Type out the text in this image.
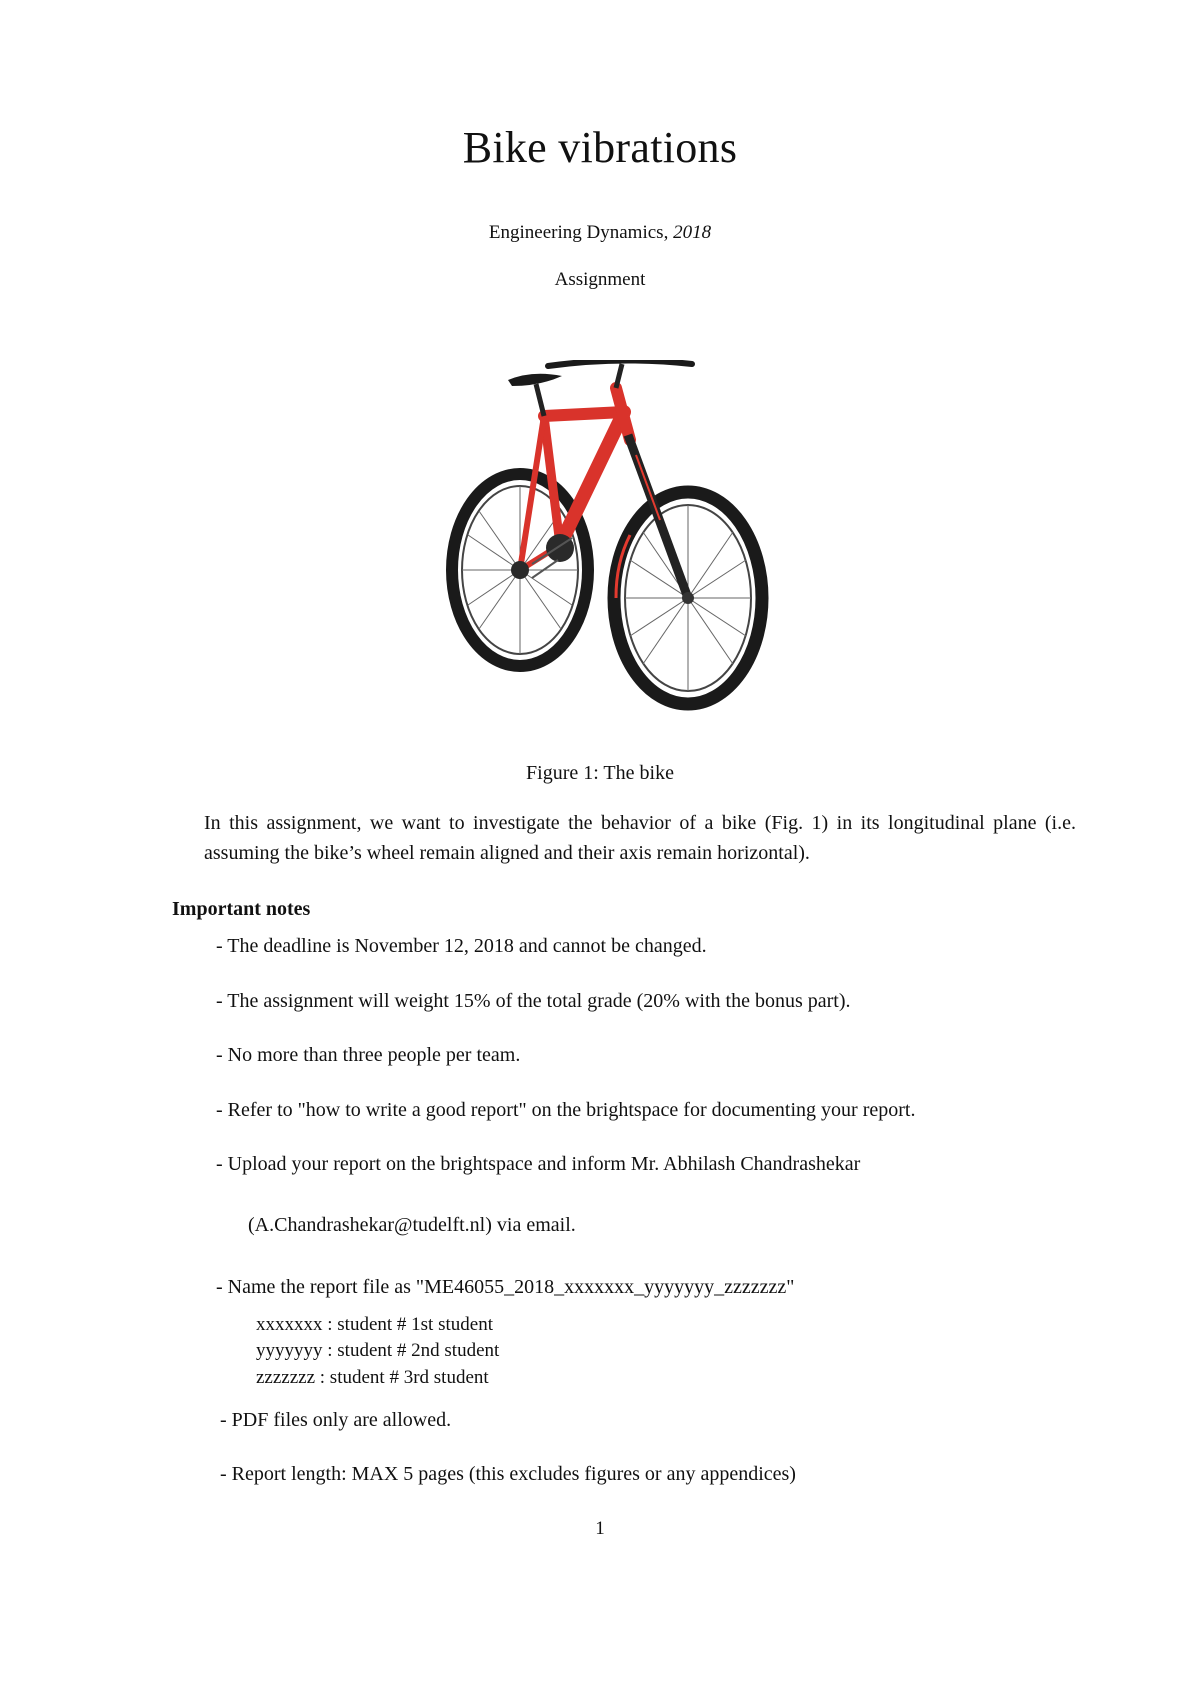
Bike vibrations
Engineering Dynamics, 2018
Assignment
Figure 1: The bike
In this assignment, we want to investigate the behavior of a bike (Fig. 1) in its longitudinal plane (i.e. assuming the bike’s wheel remain aligned and their axis remain horizontal).
Important notes
- The deadline is November 12, 2018 and cannot be changed.
- The assignment will weight 15% of the total grade (20% with the bonus part).
- No more than three people per team.
- Refer to "how to write a good report" on the brightspace for documenting your report.
- Upload your report on the brightspace and inform Mr. Abhilash Chandrashekar
(A.Chandrashekar@tudelft.nl) via email.
- Name the report file as "ME46055_2018_xxxxxxx_yyyyyyy_zzzzzzz"
xxxxxxx : student # 1st student
yyyyyyy : student # 2nd student
zzzzzzz : student # 3rd student
- PDF files only are allowed.
- Report length: MAX 5 pages (this excludes figures or any appendices)
1
